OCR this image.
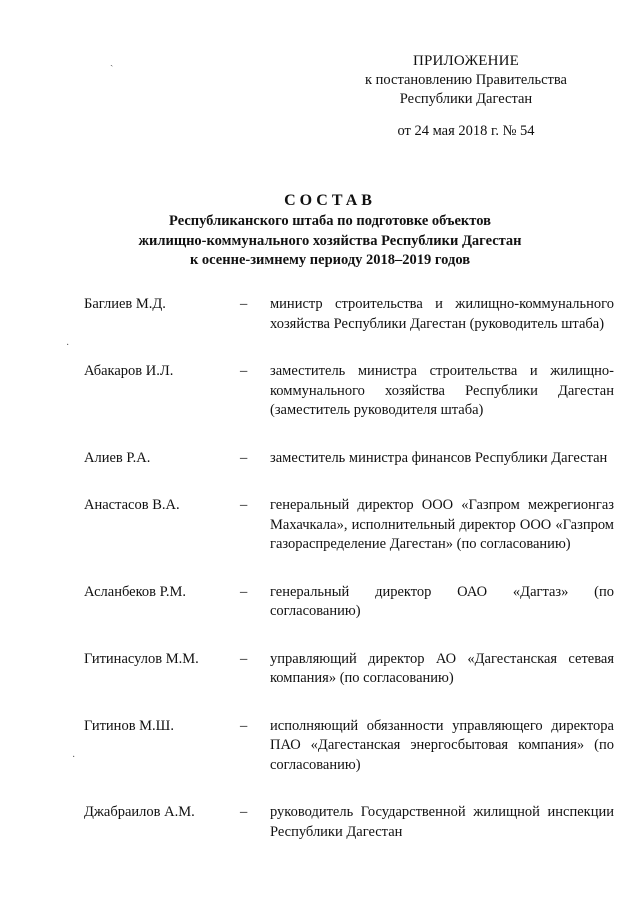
ˏ
·
·
ПРИЛОЖЕНИЕ
к постановлению Правительства
Республики Дагестан
от 24 мая 2018 г. № 54
СОСТАВ
Республиканского штаба по подготовке объектов
жилищно-коммунального хозяйства Республики Дагестан
к осенне-зимнему периоду 2018–2019 годов
Баглиев М.Д.	–	министр строительства и жилищно-коммунального хозяйства Республики Дагестан (руководитель штаба)
Абакаров И.Л.	–	заместитель министра строительства и жилищно-коммунального хозяйства Республики Дагестан (заместитель руководителя штаба)
Алиев Р.А.	–	заместитель министра финансов Республики Дагестан
Анастасов В.А.	–	генеральный директор ООО «Газпром межрегионгаз Махачкала», исполнительный директор ООО «Газпром газораспределение Дагестан» (по согласованию)
Асланбеков Р.М.	–	генеральный директор ОАО «Дагтаз» (по согласованию)
Гитинасулов М.М.	–	управляющий директор АО «Дагестанская сетевая компания» (по согласованию)
Гитинов М.Ш.	–	исполняющий обязанности управляющего директора ПАО «Дагестанская энергосбытовая компания» (по согласованию)
Джабраилов А.М.	–	руководитель Государственной жилищной инспекции Республики Дагестан
